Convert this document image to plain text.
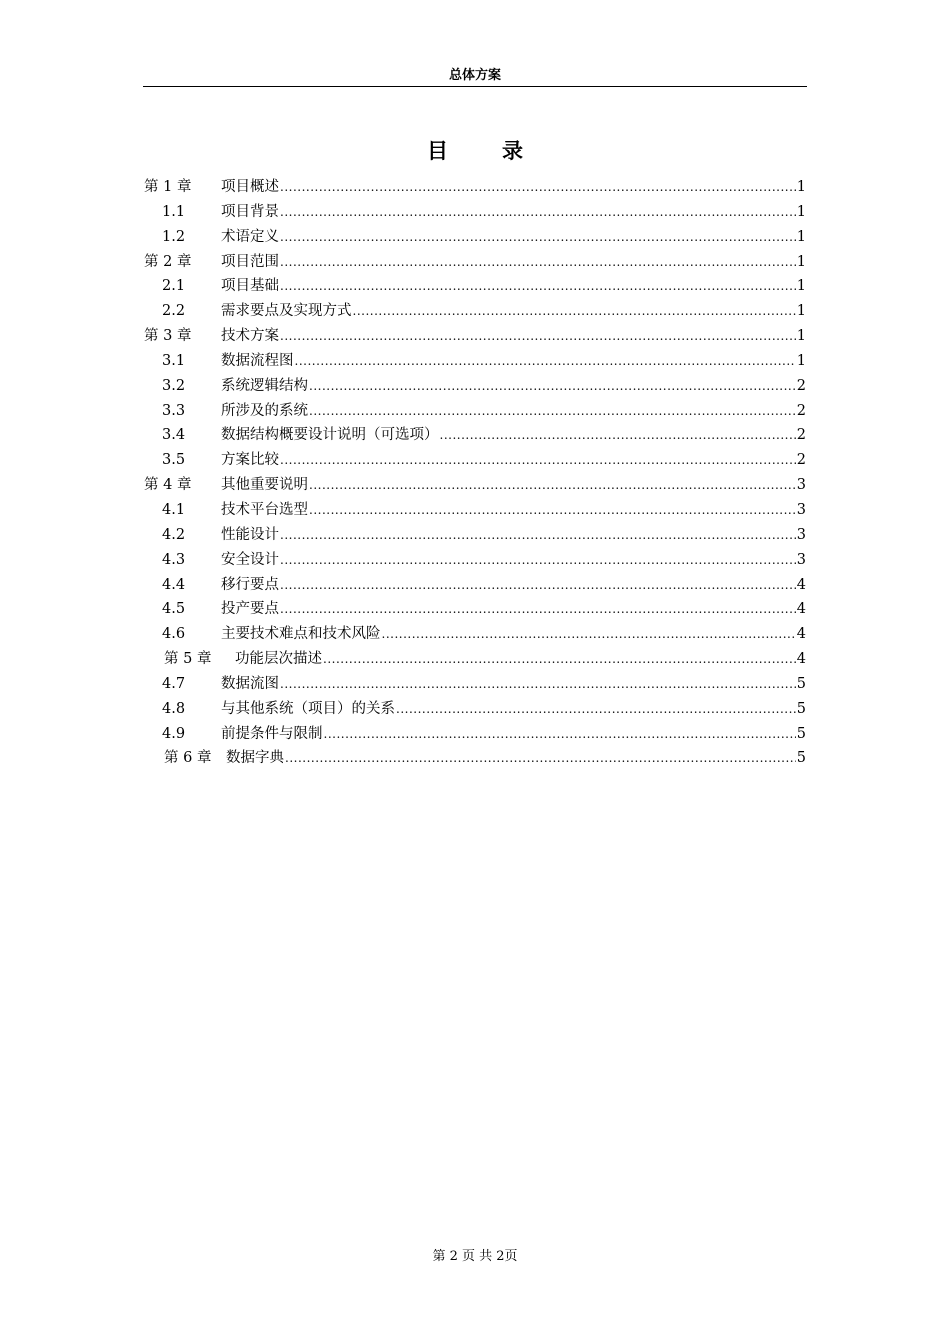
总体方案
目	录
第 1 章	项目概述 .....	1
1.1	项目背景 .....	1
1.2	术语定义 .....	1
第 2 章	项目范围 .....	1
2.1	项目基础 .....	1
2.2	需求要点及实现方式 .....	1
第 3 章	技术方案 .....	1
3.1	数据流程图 .....	1
3.2	系统逻辑结构 .....	2
3.3	所涉及的系统 .....	2
3.4	数据结构概要设计说明（可选项） .....	2
3.5	方案比较 .....	2
第 4 章	其他重要说明 .....	3
4.1	技术平台选型 .....	3
4.2	性能设计 .....	3
4.3	安全设计 .....	3
4.4	移行要点 .....	4
4.5	投产要点 .....	4
4.6	主要技术难点和技术风险 .....	4
第 5 章	功能层次描述 .....	4
4.7	数据流图 .....	5
4.8	与其他系统（项目）的关系 .....	5
4.9	前提条件与限制 .....	5
第 6 章	数据字典 .....	5
第 2 页 共 2页
